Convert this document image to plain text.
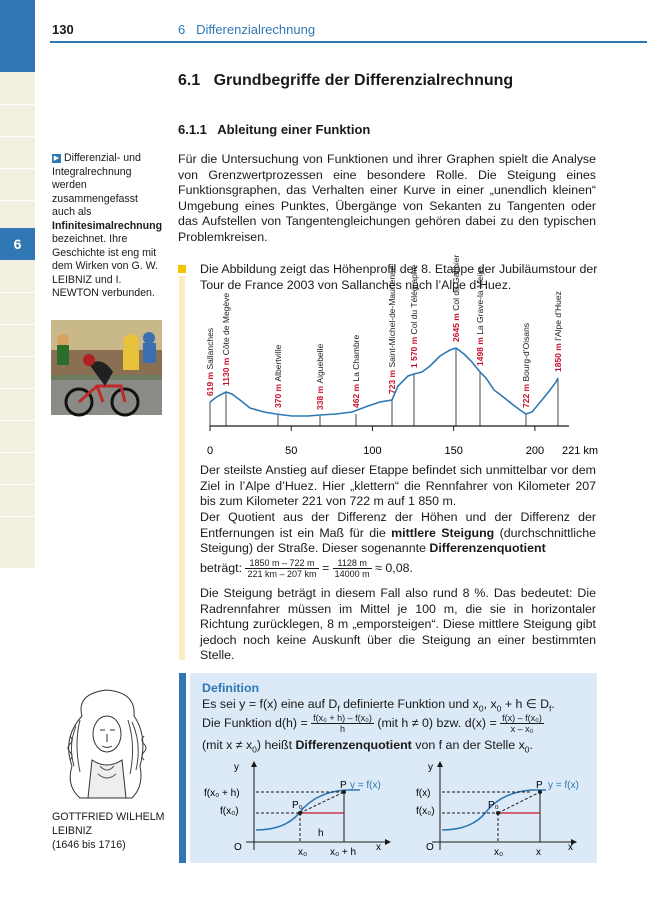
6
130	6   Differenzialrechnung
6.1   Grundbegriffe der Differenzialrechnung
6.1.1   Ableitung einer Funktion
Für die Untersuchung von Funktionen und ihrer Graphen spielt die Analyse von Grenzwertprozessen eine besondere Rolle. Die Steigung eines Funktionsgraphen, das Verhalten einer Kurve in einer „unendlich kleinen“ Umgebung eines Punktes, Übergänge von Sekanten zu Tangenten oder das Aufstellen von Tangentengleichungen gehören dabei zu den typischen Problemkreisen.
▶ Differenzial- und Integralrechnung werden zusammengefasst auch als Infinitesimalrechnung bezeichnet. Ihre Geschichte ist eng mit dem Wirken von G. W. LEIBNIZ und I. NEWTON verbunden.
Die Abbildung zeigt das Höhenprofil der 8. Etappe der Jubiläumstour der Tour de France 2003 von Sallanches nach l’Alpe d’Huez.
619 m Sallanches
1130 m Côte de Megève
370 m Albertville
338 m Aiguebelle
462 m La Chambre	723 m Saint-Michel-de-Maurienne 1 570 m Col du Télégraphe	2645 m Col du Galibier
1498 m La Grave-la Meije
722 m Bourg-d’Oisans	1850 m l’Alpe d’Huez
0	50	100	150	200 221 km
Der steilste Anstieg auf dieser Etappe befindet sich unmittelbar vor dem Ziel in l’Alpe d’Huez. Hier „klettern“ die Rennfahrer von Kilometer 207 bis zum Kilometer 221 von 722 m auf 1 850 m.
Der Quotient aus der Differenz der Höhen und der Differenz der Entfernungen ist ein Maß für die mittlere Steigung (durchschnittliche Steigung) der Straße. Dieser sogenannte Differenzenquotient
beträgt: $\frac{1850 m - 722 m}{221 km - 207 km} = \frac{1128 m}{14000 m} \approx 0,08$.
Die Steigung beträgt in diesem Fall also rund 8 %. Das bedeutet: Die Radrennfahrer müssen im Mittel je 100 m, die sie in horizontaler Richtung zurücklegen, 8 m „emporsteigen“. Diese mittlere Steigung gibt jedoch noch keine Auskunft über die Steigung an einer bestimmten Stelle.
GOTTFRIED WILHELM
LEIBNIZ
(1646 bis 1716)
Definition
Es sei y = f(x) eine auf $D_f$ definierte Funktion und $x_0$, $x_0 + h$ ∈ $D_f$.
Die Funktion $d(h) = \frac{\text{f(x₀ + h) – f(x₀)}}{h} (mit$ h ≠ 0) bzw. $d(x) = \frac{\text{f(x) – f(x₀)}}{\text{x – x₀}}$
(mit $x \ne x_0$) heißt Differenzenquotient von f an der Stelle $x_0$.
y
x
O
P₀
P y = f(x)
f(x₀ + h)
f(x₀)
h
x₀ x₀ + h
y
x
O
P₀
P y = f(x)
f(x)
f(x₀)
x₀	x
